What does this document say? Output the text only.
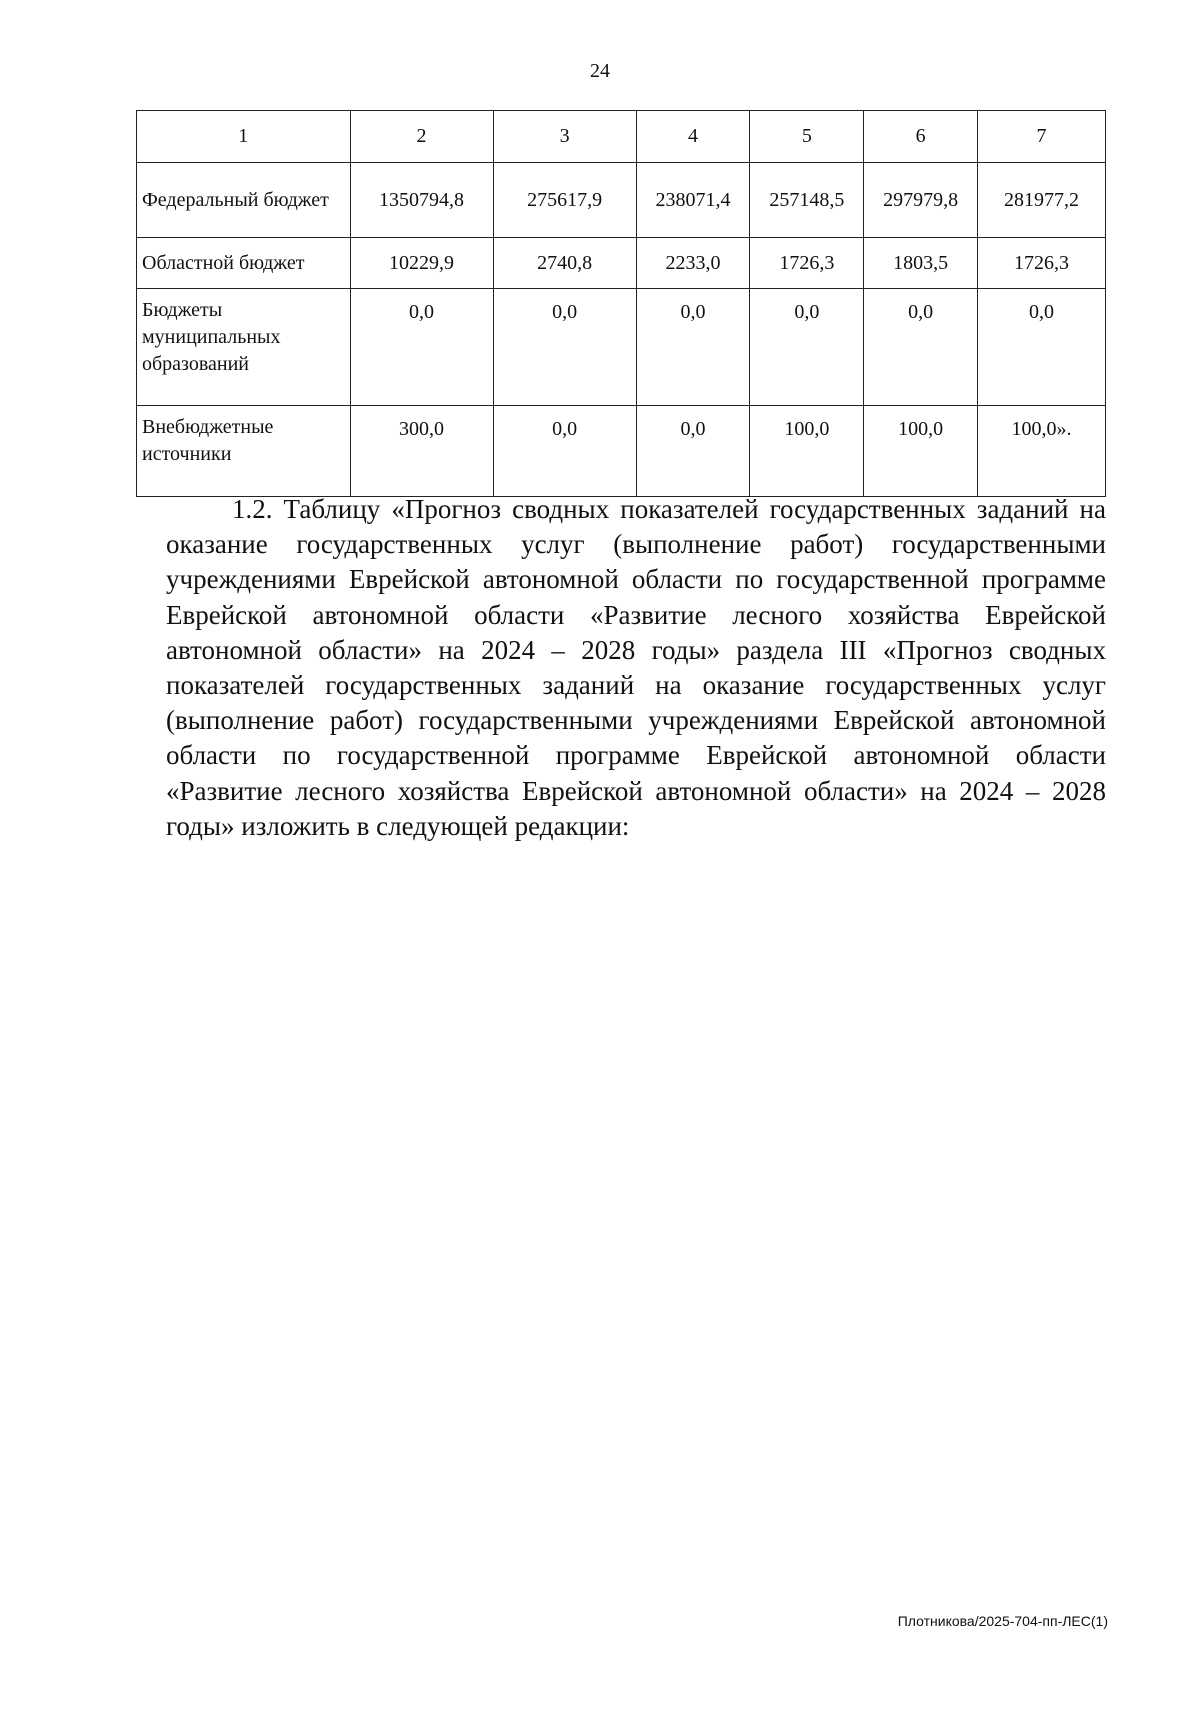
24
1	2	3	4	5	6	7
Федеральный бюджет	1350794,8	275617,9	238071,4	257148,5	297979,8	281977,2
Областной бюджет	10229,9	2740,8	2233,0	1726,3	1803,5	1726,3
Бюджеты муниципальных образований	0,0	0,0	0,0	0,0	0,0	0,0
Внебюджетные источники	300,0	0,0	0,0	100,0	100,0	100,0».

1.2. Таблицу «Прогноз сводных показателей государственных заданий на оказание государственных услуг (выполнение работ) государственными учреждениями Еврейской автономной области по государственной программе Еврейской автономной области «Развитие лесного хозяйства Еврейской автономной области» на 2024 – 2028 годы» раздела III «Прогноз сводных показателей государственных заданий на оказание государственных услуг (выполнение работ) государственными учреждениями Еврейской автономной области по государственной программе Еврейской автономной области «Развитие лесного хозяйства Еврейской автономной области» на 2024 – 2028 годы» изложить в следующей редакции:

Плотникова/2025-704-пп-ЛЕС(1)
